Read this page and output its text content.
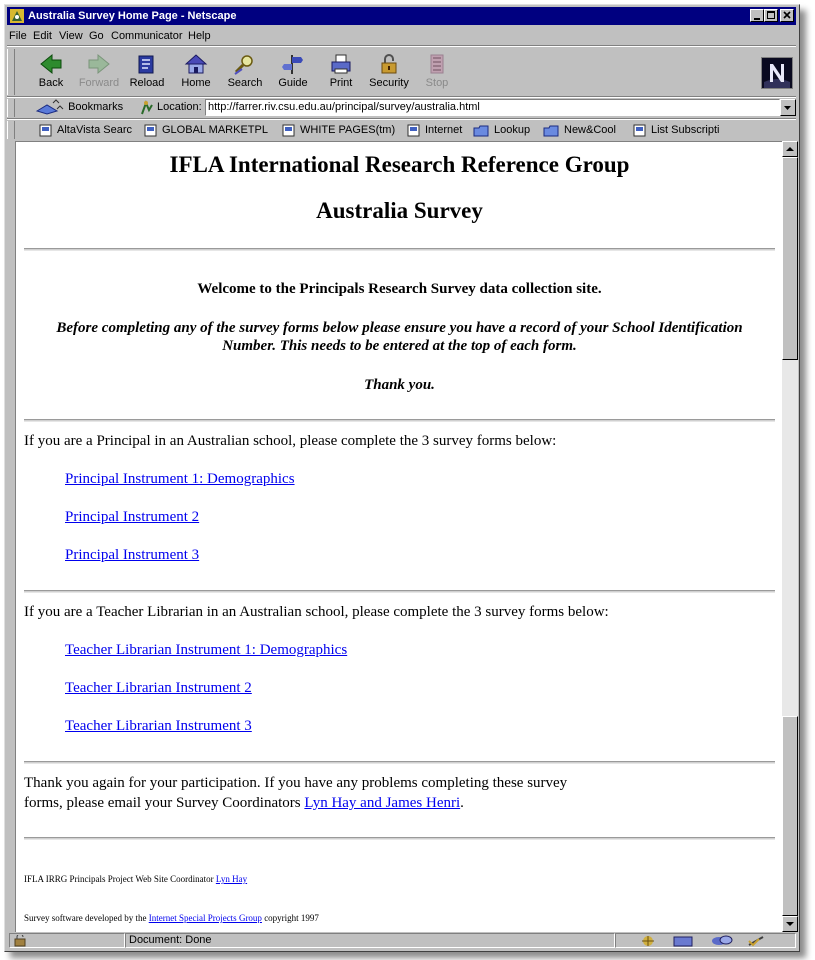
Australia Survey Home Page - Netscape
File Edit View Go Communicator Help
Back	Forward Reload	Home	Search	Guide	Print	Security	Stop
Bookmarks	Location: http://farrer.riv.csu.edu.au/principal/survey/australia.html
AltaVista Searc	GLOBAL MARKETPL	WHITE PAGES(tm)	Internet	Lookup	New&Cool	List Subscripti
IFLA International Research Reference Group
Australia Survey
Welcome to the Principals Research Survey data collection site.
Before completing any of the survey forms below please ensure you have a record of your School Identification
Number. This needs to be entered at the top of each form.
Thank you.
If you are a Principal in an Australian school, please complete the 3 survey forms below:
Principal Instrument 1: Demographics
Principal Instrument 2
Principal Instrument 3
If you are a Teacher Librarian in an Australian school, please complete the 3 survey forms below:
Teacher Librarian Instrument 1: Demographics
Teacher Librarian Instrument 2
Teacher Librarian Instrument 3
Thank you again for your participation. If you have any problems completing these survey
forms, please email your Survey Coordinators Lyn Hay and James Henri.
IFLA IRRG Principals Project Web Site Coordinator Lyn Hay
Survey software developed by the Internet Special Projects Group copyright 1997
Document: Done
